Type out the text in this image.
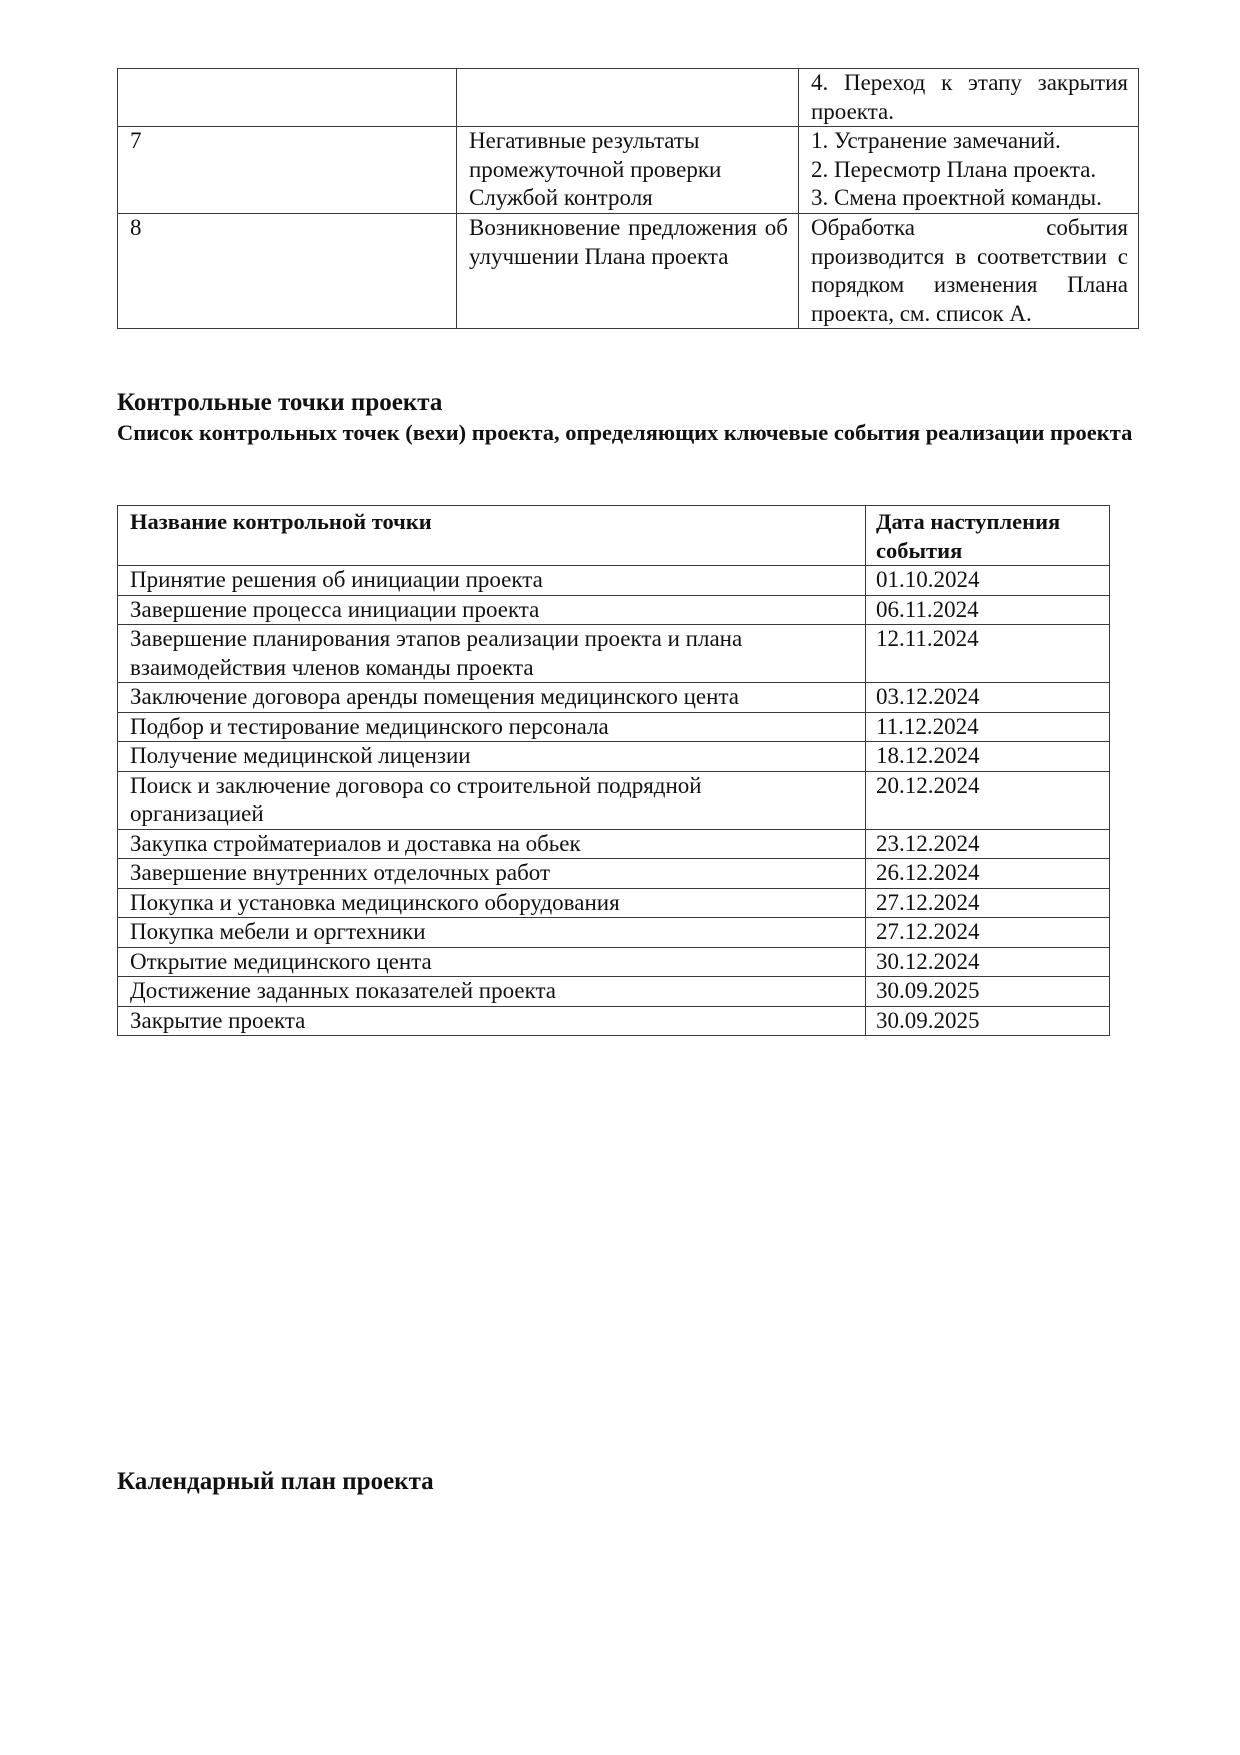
		4. Переход к этапу закрытия проекта.

7	Негативные результаты промежуточной проверки Службой контроля	1. Устранение замечаний.
2. Пересмотр Плана проекта.
3. Смена проектной команды.

8	Возникновение предложения об улучшении Плана проекта	Обработка события производится в соответствии с порядком изменения Плана проекта, см. список А.
Контрольные точки проекта
Список контрольных точек (вехи) проекта, определяющих ключевые события реализации проекта
Название контрольной точки	Дата наступления события
Принятие решения об инициации проекта	01.10.2024
Завершение процесса инициации проекта	06.11.2024
Завершение планирования этапов реализации проекта и плана взаимодействия членов команды проекта	12.11.2024
Заключение договора аренды помещения медицинского цента	03.12.2024
Подбор и тестирование медицинского персонала	11.12.2024
Получение медицинской лицензии	18.12.2024
Поиск и заключение договора со строительной подрядной организацией	20.12.2024
Закупка стройматериалов и доставка на обьек	23.12.2024
Завершение внутренних отделочных работ	26.12.2024
Покупка и установка медицинского оборудования	27.12.2024
Покупка мебели и оргтехники	27.12.2024
Открытие медицинского цента	30.12.2024
Достижение заданных показателей проекта	30.09.2025
Закрытие проекта	30.09.2025
Календарный план проекта
